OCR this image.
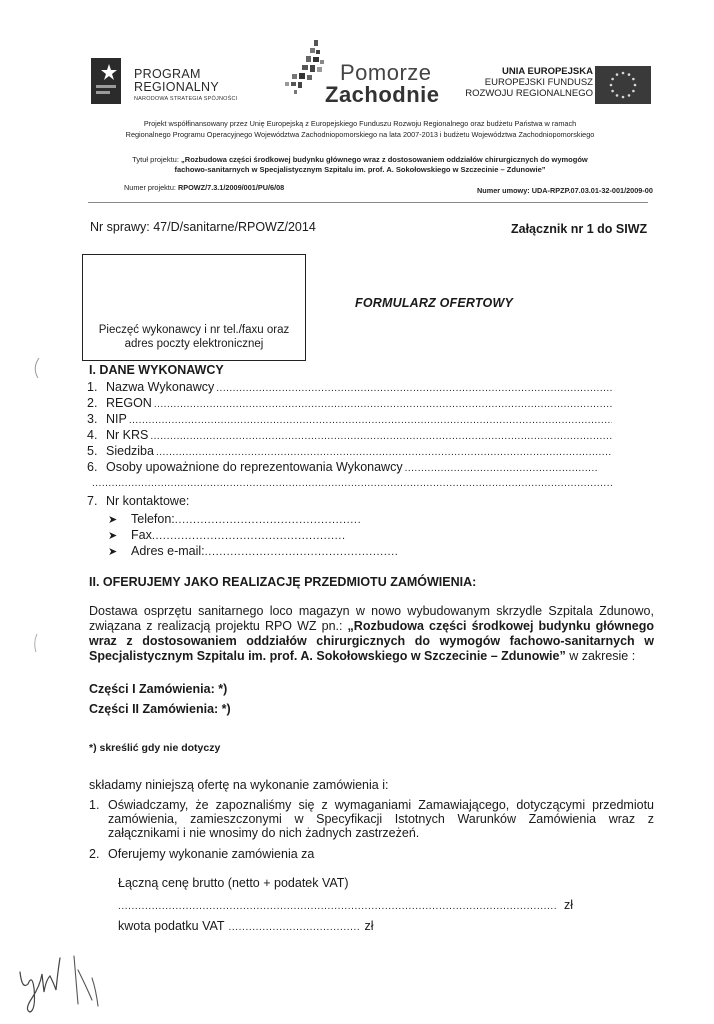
PROGRAM
REGIONALNY
NARODOWA STRATEGIA SPÓJNOŚCI
Pomorze
Zachodnie
UNIA EUROPEJSKA
EUROPEJSKI FUNDUSZ
ROZWOJU REGIONALNEGO
Projekt współfinansowany przez Unię Europejską z Europejskiego Funduszu Rozwoju Regionalnego oraz budżetu Państwa w ramach
Regionalnego Programu Operacyjnego Województwa Zachodniopomorskiego na lata 2007-2013 i budżetu Województwa Zachodniopomorskiego
Tytuł projektu: „Rozbudowa części środkowej budynku głównego wraz z dostosowaniem oddziałów chirurgicznych do wymogów
fachowo-sanitarnych w Specjalistycznym Szpitalu im. prof. A. Sokołowskiego w Szczecinie – Zdunowie”
Numer projektu: RPOWZ/7.3.1/2009/001/PU/6/08	Numer umowy: UDA-RPZP.07.03.01-32-001/2009-00
Nr sprawy: 47/D/sanitarne/RPOWZ/2014	Załącznik nr 1 do SIWZ
Pieczęć wykonawcy i nr tel./faxu oraz
adres poczty elektronicznej
FORMULARZ OFERTOWY
I. DANE WYKONAWCY
1. Nazwa Wykonawcy
.....
2. REGON
.....
3. NIP
.....
4. Nr KRS
.....
5. Siedziba
.....
6. Osoby upoważnione do reprezentowania Wykonawcy
.....
.....
7. Nr kontaktowe:
➤	Telefon:
.....
➤	Fax
.....
➤	Adres e-mail:
.....
II. OFERUJEMY JAKO REALIZACJĘ PRZEDMIOTU ZAMÓWIENIA:
Dostawa osprzętu sanitarnego loco magazyn w nowo wybudowanym skrzydle Szpitala Zdunowo, związana z realizacją projektu RPO WZ pn.: „Rozbudowa części środkowej budynku głównego wraz z dostosowaniem oddziałów chirurgicznych do wymogów fachowo-sanitarnych w Specjalistycznym Szpitalu im. prof. A. Sokołowskiego w Szczecinie – Zdunowie” w zakresie :
Części I Zamówienia: *)
Części II Zamówienia: *)
*) skreślić gdy nie dotyczy
składamy niniejszą ofertę na wykonanie zamówienia i:
1. Oświadczamy, że zapoznaliśmy się z wymaganiami Zamawiającego, dotyczącymi przedmiotu zamówienia, zamieszczonymi w Specyfikacji Istotnych Warunków Zamówienia wraz z załącznikami i nie wnosimy do nich żadnych zastrzeżeń.
2. Oferujemy wykonanie zamówienia za
Łączną cenę brutto (netto + podatek VAT)
.....
zł
kwota podatku VAT .....	zł
